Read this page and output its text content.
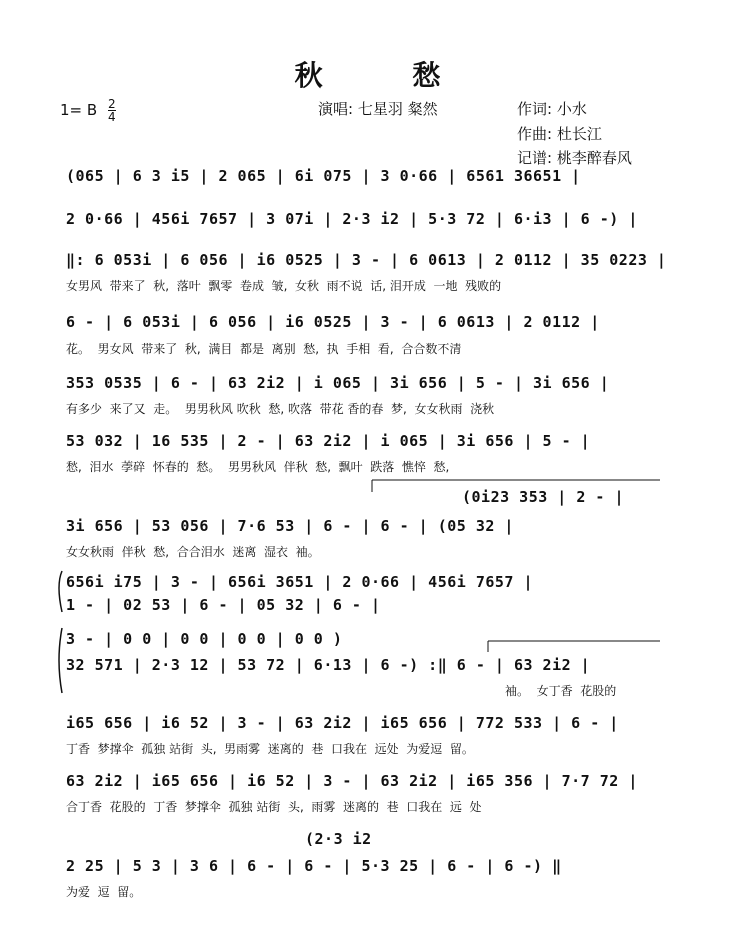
秋 愁
1= B $\frac{2}{4}$	演唱: 七星羽 粲然	作词: 小水
作曲: 杜长江
记谱: 桃李醉春风
(065 | 6 3 i5 | 2 065 | 6i 075 | 3 0·66 | 6561 36651 |
2 0·66 | 456i 7657 | 3 07i | 2·3 i2 | 5·3 72 | 6·i3 | 6 -) |
‖: 6 053i | 6 056 | i6 0525 | 3 - | 6 0613 | 2 0112 | 35 0223 |
女男风  带来了  秋,  落叶  飘零  卷成  皱,  女秋  雨不说  话, 泪开成  一地  残败的
6 - | 6 053i | 6 056 | i6 0525 | 3 - | 6 0613 | 2 0112 |
花。  男女风  带来了  秋,  满目  都是  离别  愁,  执  手相  看,  合合数不清
353 0535 | 6 - | 63 2i2 | i 065 | 3i 656 | 5 - | 3i 656 |
有多少  来了又  走。  男男秋风 吹秋  愁, 吹落  带花 香的春  梦,  女女秋雨  浇秋
53 032 | 16 535 | 2 - | 63 2i2 | i 065 | 3i 656 | 5 - |
愁,  泪水  荸碎  怀春的  愁。  男男秋风  伴秋  愁,  飘叶  跌落  憔悴  愁,
(0i23 353 | 2 - |
3i 656 | 53 056 | 7·6 53 | 6 - | 6 - | (05 32 |
女女秋雨  伴秋  愁,  合合泪水  迷离  湿衣  袖。
656i i75 | 3 - | 656i 3651 | 2 0·66 | 456i 7657 |
1 - | 02 53 | 6 - | 05 32 | 6 - |
3 - | 0 0 | 0 0 | 0 0 | 0 0 )
32 571 | 2·3 12 | 53 72 | 6·13 | 6 -) :‖ 6 - | 63 2i2 |
袖。  女丁香  花股的
i65 656 | i6 52 | 3 - | 63 2i2 | i65 656 | 772 533 | 6 - |
丁香  梦撑伞  孤独 站街  头,  男雨雾  迷离的  巷  口我在  远处  为爱逗  留。
63 2i2 | i65 656 | i6 52 | 3 - | 63 2i2 | i65 356 | 7·7 72 |
合丁香  花股的  丁香  梦撑伞  孤独 站街  头,  雨雾  迷离的  巷  口我在  远  处
(2·3 i2
2 25 | 5 3 | 3 6 | 6 - | 6 - | 5·3 25 | 6 - | 6 -) ‖
为爱  逗  留。
